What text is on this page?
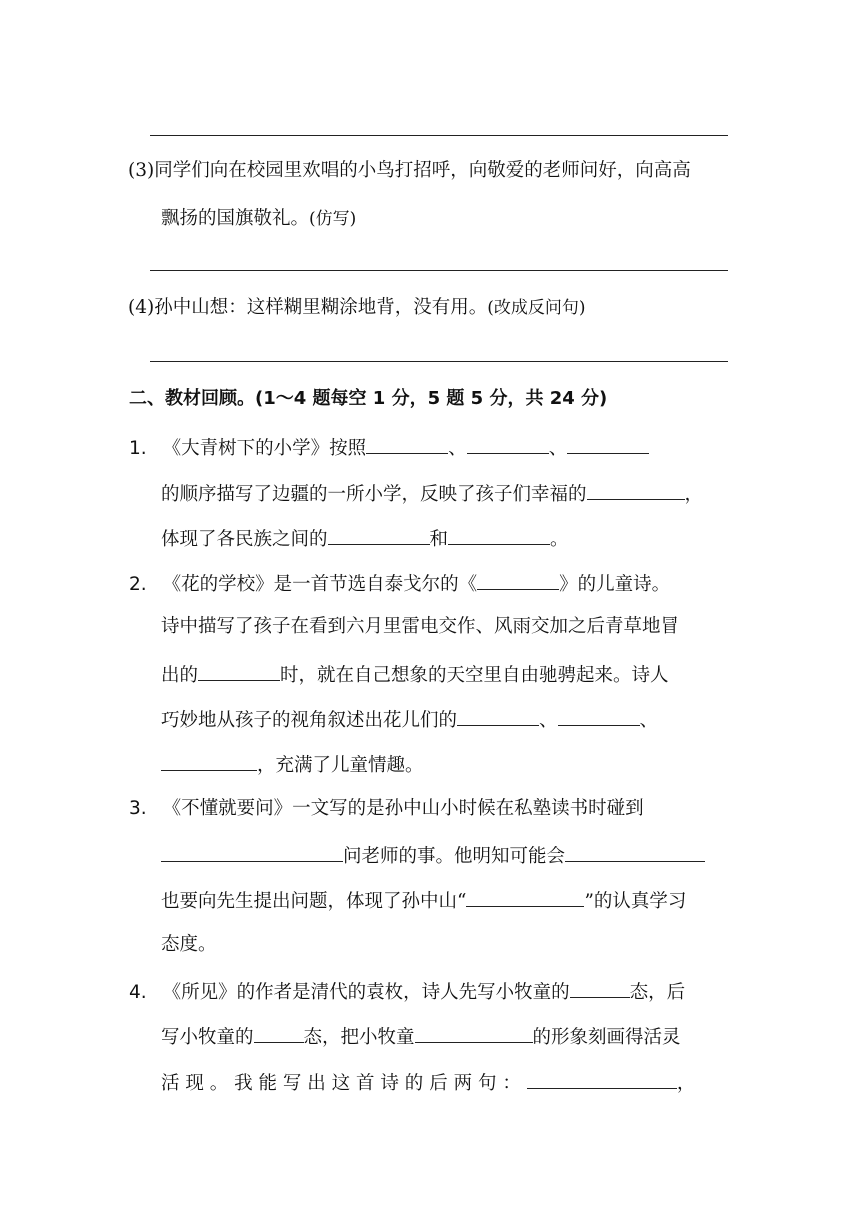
(3)同学们向在校园里欢唱的小鸟打招呼，向敬爱的老师问好，向高高
飘扬的国旗敬礼。(仿写)
(4)孙中山想：这样糊里糊涂地背，没有用。(改成反问句)
二、教材回顾。(1～4 题每空 1 分，5 题 5 分，共 24 分)
1. 《大青树下的小学》按照	、	、
的顺序描写了边疆的一所小学，反映了孩子们幸福的	，
体现了各民族之间的	和	。
2. 《花的学校》是一首节选自泰戈尔的《	》的儿童诗。
诗中描写了孩子在看到六月里雷电交作、风雨交加之后青草地冒
出的	时，就在自己想象的天空里自由驰骋起来。诗人
巧妙地从孩子的视角叙述出花儿们的	、	、
，充满了儿童情趣。
3. 《不懂就要问》一文写的是孙中山小时候在私塾读书时碰到
问老师的事。他明知可能会
也要向先生提出问题，体现了孙中山“	”的认真学习
态度。
4. 《所见》的作者是清代的袁枚，诗人先写小牧童的	态，后
写小牧童的	态，把小牧童	的形象刻画得活灵
活 现 。 我 能 写 出 这 首 诗 的 后 两 句 ：	，
